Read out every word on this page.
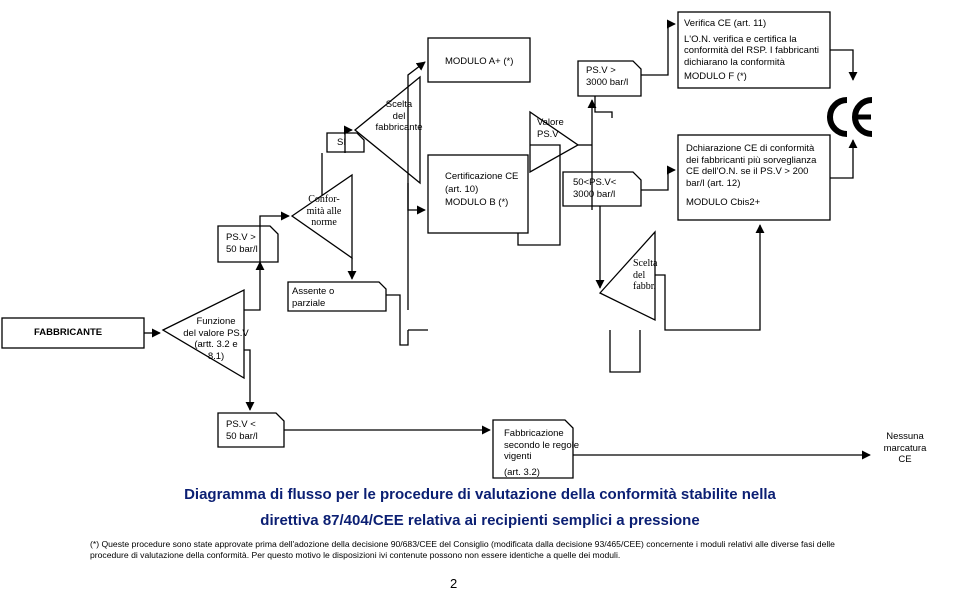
FABBRICANTE
Funzione
del valore PS.V
(artt. 3.2 e
8.1)
PS.V >
50 bar/l
PS.V <
50 bar/l
Confor-
mità alle
norme
SI
Assente o
parziale
Scelta
del
fabbricante
MODULO A+ (*)
Certificazione CE
(art. 10)
MODULO B (*)
Valore
PS.V
PS.V >
3000 bar/l
50<PS.V<
3000 bar/l
Scelta
del
fabbr.
Verifica CE (art. 11)
L'O.N. verifica e certifica la
conformità del RSP. I fabbricanti
dichiarano la conformità
MODULO F (*)
Dchiarazione CE di conformità
dei fabbricanti più sorveglianza
CE dell'O.N. se il PS.V > 200
bar/l (art. 12)
MODULO Cbis2+
Fabbricazione
secondo le regole
vigenti
(art. 3.2)
Nessuna
marcatura
CE
Diagramma di flusso per le procedure di valutazione della conformità stabilite nella
direttiva 87/404/CEE relativa ai recipienti semplici a pressione
(*) Queste procedure sono state approvate prima dell'adozione della decisione 90/683/CEE del Consiglio (modificata dalla decisione 93/465/CEE) concernente i moduli relativi alle diverse fasi delle procedure di valutazione della conformità. Per questo motivo le disposizioni ivi contenute possono non essere identiche a quelle dei moduli.
2
